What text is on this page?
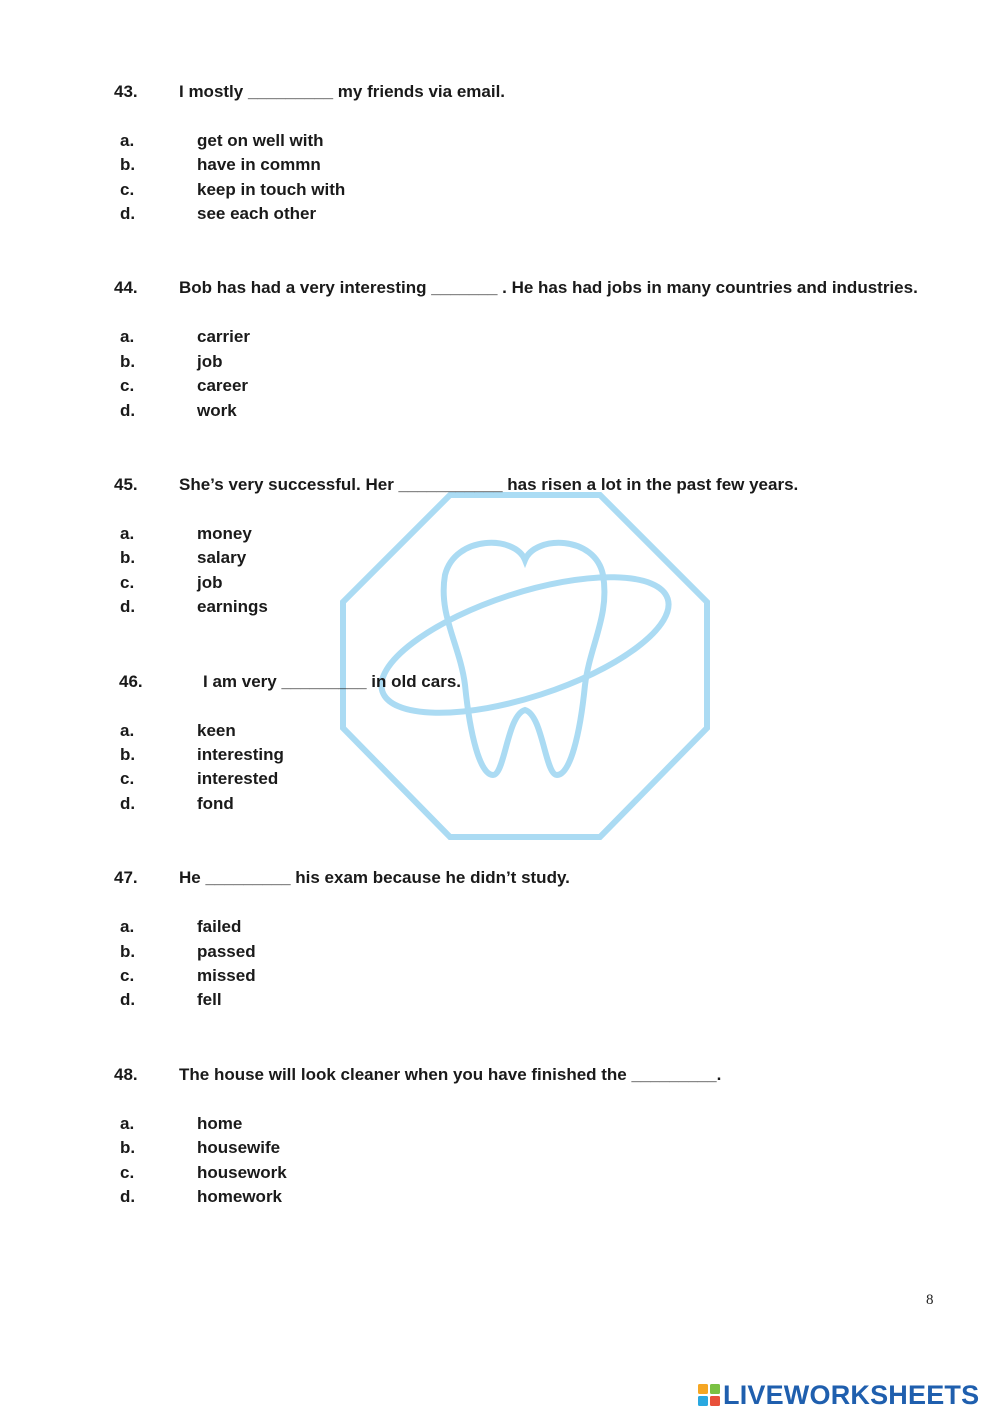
43. I mostly _________ my friends via email.
a.	get on well with
b.	have in commn
c.	keep in touch with
d.	see each other
44. Bob has had a very interesting _______ . He has had jobs in many countries and industries.
a.	carrier
b.	job
c.	career
d.	work
45. She’s very successful. Her ___________ has risen a lot in the past few years.
a.	money
b.	salary
c.	job
d.	earnings
46.	I am very _________ in old cars.
a.	keen
b.	interesting
c.	interested
d.	fond
47. He _________ his exam because he didn’t study.
a.	failed
b.	passed
c.	missed
d.	fell
48. The house will look cleaner when you have finished the _________.
a.	home
b.	housewife
c.	housework
d.	homework
8
LIVEWORKSHEETS
